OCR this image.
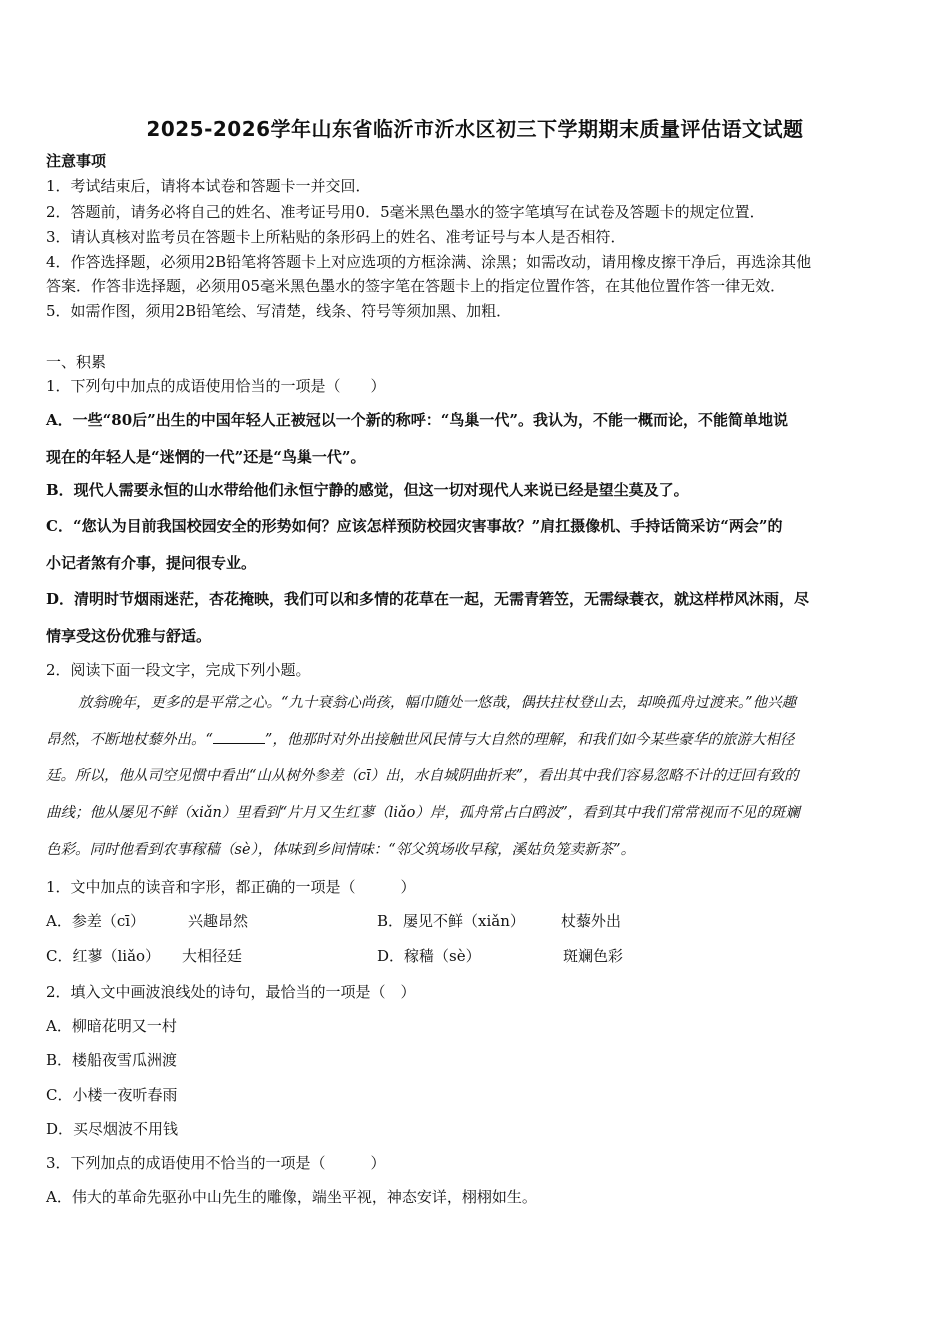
2025-2026学年山东省临沂市沂水区初三下学期期末质量评估语文试题
注意事项
1．考试结束后，请将本试卷和答题卡一并交回．
2．答题前，请务必将自己的姓名、准考证号用0．5毫米黑色墨水的签字笔填写在试卷及答题卡的规定位置．
3．请认真核对监考员在答题卡上所粘贴的条形码上的姓名、准考证号与本人是否相符．
4．作答选择题，必须用2B铅笔将答题卡上对应选项的方框涂满、涂黑；如需改动，请用橡皮擦干净后，再选涂其他
答案．作答非选择题，必须用05毫米黑色墨水的签字笔在答题卡上的指定位置作答，在其他位置作答一律无效．
5．如需作图，须用2B铅笔绘、写清楚，线条、符号等须加黑、加粗．
一、积累
1．下列句中加点的成语使用恰当的一项是（　　）
A．一些“80后”出生的中国年轻人正被冠以一个新的称呼：“鸟巢一代”。我认为，不能一概而论，不能简单地说
现在的年轻人是“迷惘的一代”还是“鸟巢一代”。
B．现代人需要永恒的山水带给他们永恒宁静的感觉，但这一切对现代人来说已经是望尘莫及了。
C．“您认为目前我国校园安全的形势如何？应该怎样预防校园灾害事故？”肩扛摄像机、手持话筒采访“两会”的
小记者煞有介事，提问很专业。
D．清明时节烟雨迷茫，杏花掩映，我们可以和多情的花草在一起，无需青箬笠，无需绿蓑衣，就这样栉风沐雨，尽
情享受这份优雅与舒适。
2．阅读下面一段文字，完成下列小题。
放翁晚年，更多的是平常之心。“九十衰翁心尚孩，幅巾随处一悠哉，偶扶拄杖登山去，却唤孤舟过渡来。”他兴趣
昂然，不断地杖藜外出。“	”，他那时对外出接触世风民情与大自然的理解，和我们如今某些豪华的旅游大相径
廷。所以，他从司空见惯中看出“山从树外参差（cī）出，水自城阴曲折来”，看出其中我们容易忽略不计的迂回有致的
曲线；他从屡见不鲜（xiǎn）里看到“片月又生红蓼（liǎo）岸，孤舟常占白鸥波”，看到其中我们常常视而不见的斑斓
色彩。同时他看到农事稼穑（sè），体味到乡间情味：“邻父筑场收早稼，溪姑负笼卖新茶”。
1．文中加点的读音和字形，都正确的一项是（　　　）
A．参差（cī）	兴趣昂然	B．屡见不鲜（xiǎn） 杖藜外出
C．红蓼（liǎo） 大相径廷	D．稼穑（sè）	斑斓色彩
2．填入文中画波浪线处的诗句，最恰当的一项是（　）
A．柳暗花明又一村
B．楼船夜雪瓜洲渡
C．小楼一夜听春雨
D．买尽烟波不用钱
3．下列加点的成语使用不恰当的一项是（　　　）
A．伟大的革命先驱孙中山先生的雕像，端坐平视，神态安详，栩栩如生。
